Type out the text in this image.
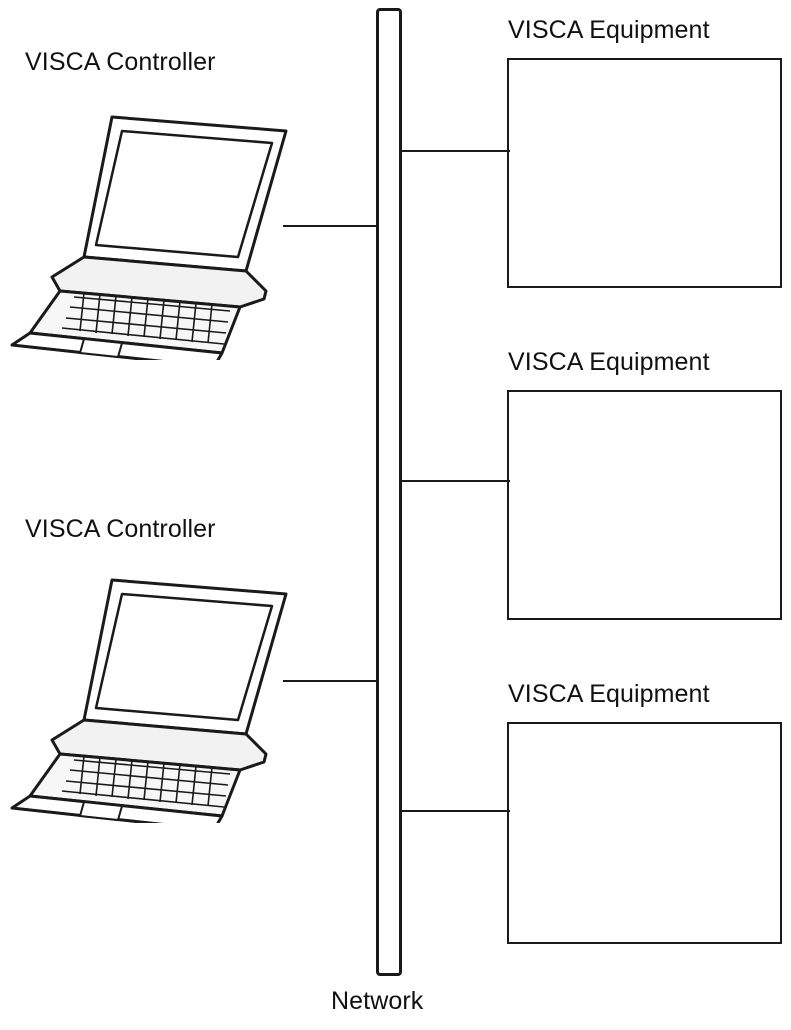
VISCA Controller
VISCA Controller
VISCA Equipment
VISCA Equipment
VISCA Equipment
Network
